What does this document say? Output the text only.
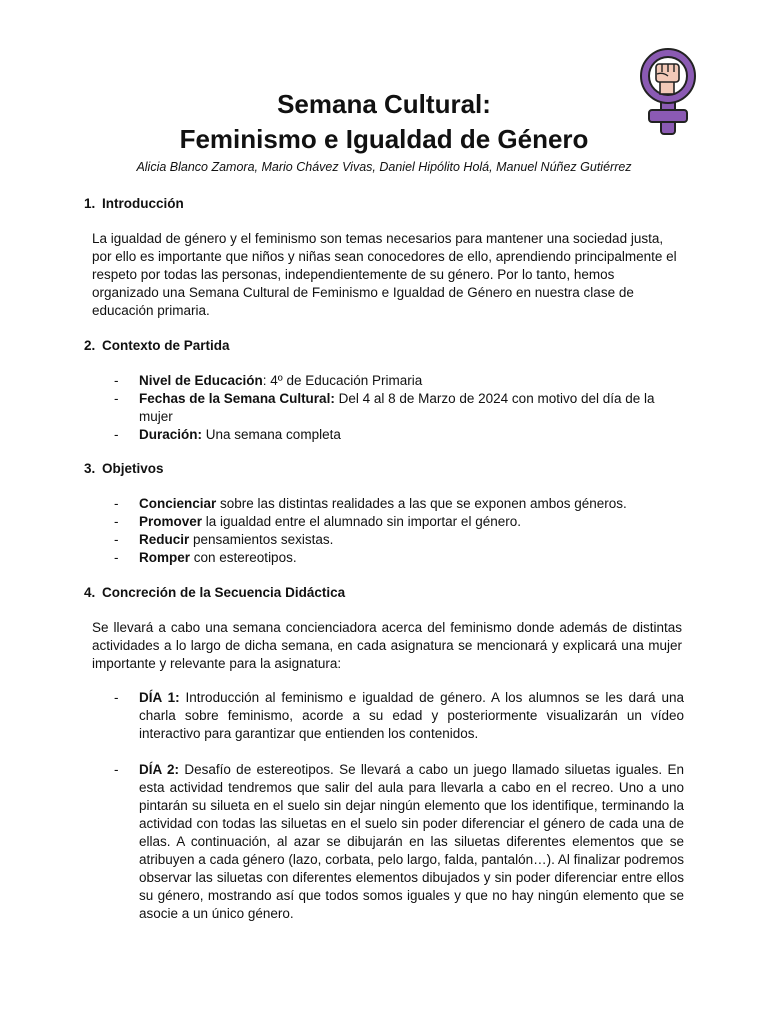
Semana Cultural:
Feminismo e Igualdad de Género
Alicia Blanco Zamora, Mario Chávez Vivas, Daniel Hipólito Holá, Manuel Núñez Gutiérrez
1. Introducción
La igualdad de género y el feminismo son temas necesarios para mantener una sociedad justa, por ello es importante que niños y niñas sean conocedores de ello, aprendiendo principalmente el respeto por todas las personas, independientemente de su género. Por lo tanto, hemos organizado una Semana Cultural de Feminismo e Igualdad de Género en nuestra clase de educación primaria.
2. Contexto de Partida
- Nivel de Educación: 4º de Educación Primaria
- Fechas de la Semana Cultural: Del 4 al 8 de Marzo de 2024 con motivo del día de la mujer
- Duración: Una semana completa
3. Objetivos
- Concienciar sobre las distintas realidades a las que se exponen ambos géneros.
- Promover la igualdad entre el alumnado sin importar el género.
- Reducir pensamientos sexistas.
- Romper con estereotipos.
4. Concreción de la Secuencia Didáctica
Se llevará a cabo una semana concienciadora acerca del feminismo donde además de distintas actividades a lo largo de dicha semana, en cada asignatura se mencionará y explicará una mujer importante y relevante para la asignatura:
- DÍA 1: Introducción al feminismo e igualdad de género. A los alumnos se les dará una charla sobre feminismo, acorde a su edad y posteriormente visualizarán un vídeo interactivo para garantizar que entienden los contenidos.
- DÍA 2: Desafío de estereotipos. Se llevará a cabo un juego llamado siluetas iguales. En esta actividad tendremos que salir del aula para llevarla a cabo en el recreo. Uno a uno pintarán su silueta en el suelo sin dejar ningún elemento que los identifique, terminando la actividad con todas las siluetas en el suelo sin poder diferenciar el género de cada una de ellas. A continuación, al azar se dibujarán en las siluetas diferentes elementos que se atribuyen a cada género (lazo, corbata, pelo largo, falda, pantalón…). Al finalizar podremos observar las siluetas con diferentes elementos dibujados y sin poder diferenciar entre ellos su género, mostrando así que todos somos iguales y que no hay ningún elemento que se asocie a un único género.
